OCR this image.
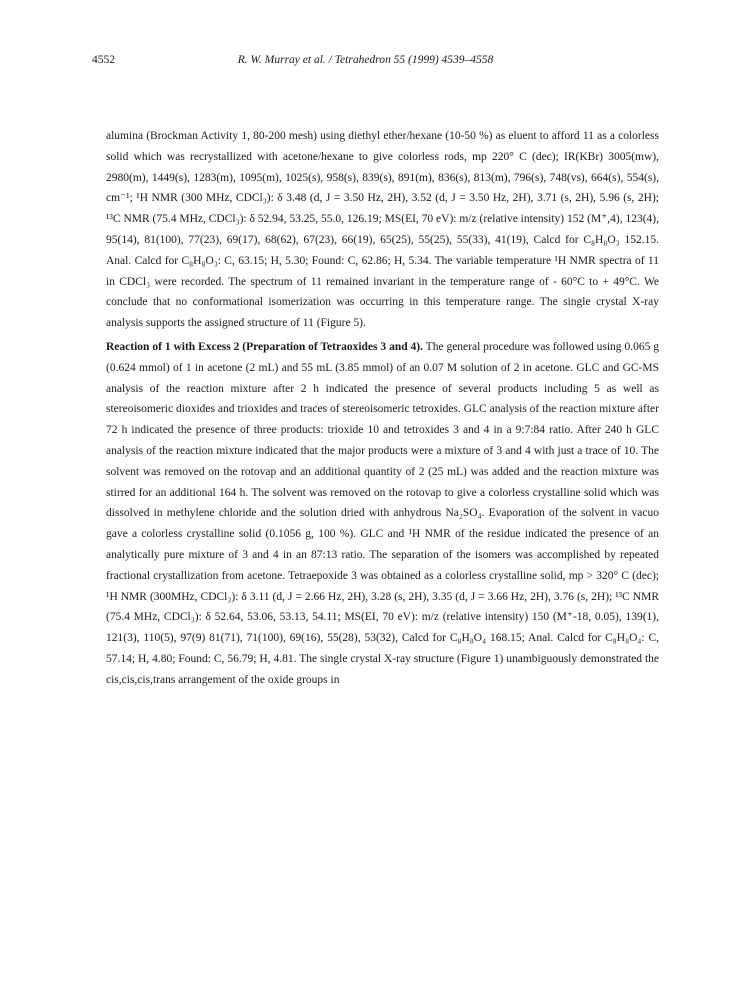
4552	R. W. Murray et al. / Tetrahedron 55 (1999) 4539–4558

alumina (Brockman Activity 1, 80-200 mesh) using diethyl ether/hexane (10-50 %) as eluent to afford 11 as a colorless solid which was recrystallized with acetone/hexane to give colorless rods, mp 220° C (dec); IR(KBr) 3005(mw), 2980(m), 1449(s), 1283(m), 1095(m), 1025(s), 958(s), 839(s), 891(m), 836(s), 813(m), 796(s), 748(vs), 664(s), 554(s), cm⁻¹; ¹H NMR (300 MHz, CDCl₃): δ 3.48 (d, J = 3.50 Hz, 2H), 3.52 (d, J = 3.50 Hz, 2H), 3.71 (s, 2H), 5.96 (s, 2H); ¹³C NMR (75.4 MHz, CDCl₃): δ 52.94, 53.25, 55.0, 126.19; MS(EI, 70 eV): m/z (relative intensity) 152 (M⁺,4), 123(4), 95(14), 81(100), 77(23), 69(17), 68(62), 67(23), 66(19), 65(25), 55(25), 55(33), 41(19), Calcd for C₈H₈O₃ 152.15. Anal. Calcd for C₈H₈O₃: C, 63.15; H, 5.30; Found: C, 62.86; H, 5.34. The variable temperature ¹H NMR spectra of 11 in CDCl₃ were recorded. The spectrum of 11 remained invariant in the temperature range of - 60°C to + 49°C. We conclude that no conformational isomerization was occurring in this temperature range. The single crystal X-ray analysis supports the assigned structure of 11 (Figure 5).

Reaction of 1 with Excess 2 (Preparation of Tetraoxides 3 and 4). The general procedure was followed using 0.065 g (0.624 mmol) of 1 in acetone (2 mL) and 55 mL (3.85 mmol) of an 0.07 M solution of 2 in acetone. GLC and GC-MS analysis of the reaction mixture after 2 h indicated the presence of several products including 5 as well as stereoisomeric dioxides and trioxides and traces of stereoisomeric tetroxides. GLC analysis of the reaction mixture after 72 h indicated the presence of three products: trioxide 10 and tetroxides 3 and 4 in a 9:7:84 ratio. After 240 h GLC analysis of the reaction mixture indicated that the major products were a mixture of 3 and 4 with just a trace of 10. The solvent was removed on the rotovap and an additional quantity of 2 (25 mL) was added and the reaction mixture was stirred for an additional 164 h. The solvent was removed on the rotovap to give a colorless crystalline solid which was dissolved in methylene chloride and the solution dried with anhydrous Na₂SO₄. Evaporation of the solvent in vacuo gave a colorless crystalline solid (0.1056 g, 100 %). GLC and ¹H NMR of the residue indicated the presence of an analytically pure mixture of 3 and 4 in an 87:13 ratio. The separation of the isomers was accomplished by repeated fractional crystallization from acetone. Tetraepoxide 3 was obtained as a colorless crystalline solid, mp > 320° C (dec); ¹H NMR (300MHz, CDCl₃): δ 3.11 (d, J = 2.66 Hz, 2H), 3.28 (s, 2H), 3.35 (d, J = 3.66 Hz, 2H), 3.76 (s, 2H); ¹³C NMR (75.4 MHz, CDCl₃): δ 52.64, 53.06, 53.13, 54.11; MS(EI, 70 eV): m/z (relative intensity) 150 (M⁺-18, 0.05), 139(1), 121(3), 110(5), 97(9) 81(71), 71(100), 69(16), 55(28), 53(32), Calcd for C₈H₈O₄ 168.15; Anal. Calcd for C₈H₈O₄: C, 57.14; H, 4.80; Found: C, 56.79; H, 4.81. The single crystal X-ray structure (Figure 1) unambiguously demonstrated the cis,cis,cis,trans arrangement of the oxide groups in
